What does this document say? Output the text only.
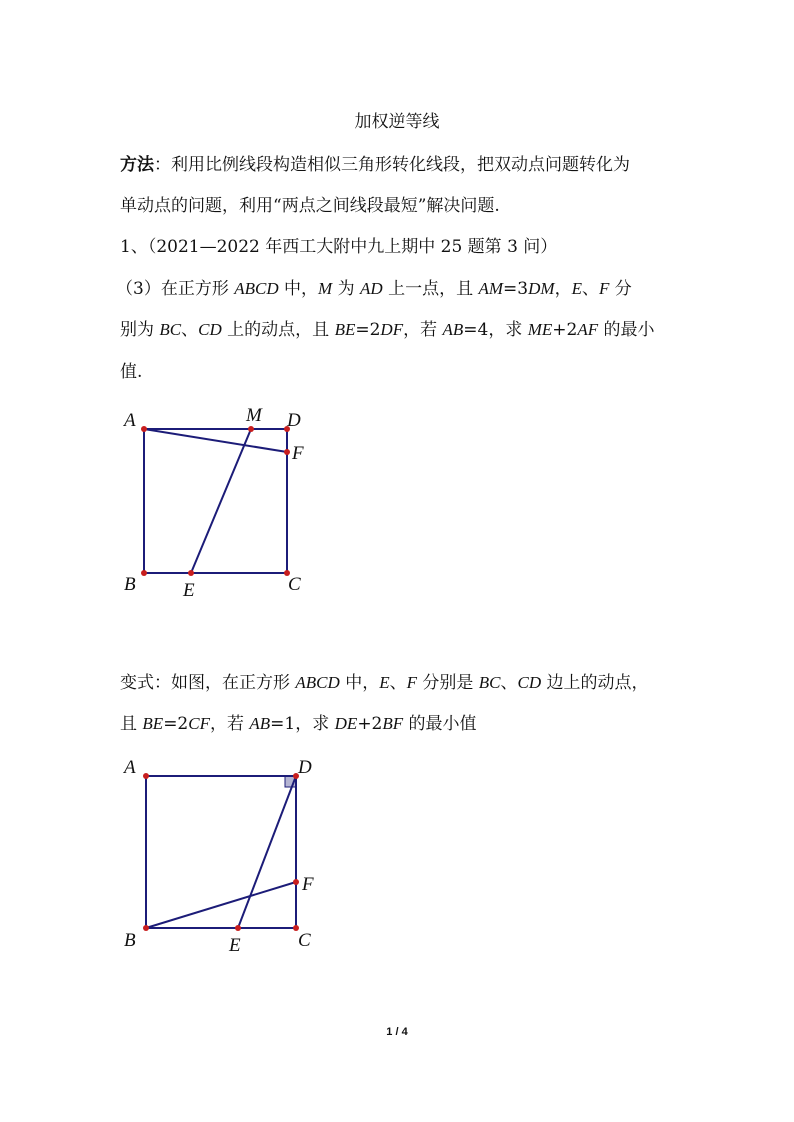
加权逆等线
方法：利用比例线段构造相似三角形转化线段，把双动点问题转化为
单动点的问题，利用“两点之间线段最短”解决问题.
1、（2021—2022 年西工大附中九上期中 25 题第 3 问）
（3）在正方形 ABCD 中，M 为 AD 上一点，且 AM=3DM，E、F 分
别为 BC、CD 上的动点，且 BE=2DF，若 AB=4，求 ME+2AF 的最小
值.
A	M D
F
B E	C
变式：如图，在正方形 ABCD 中，E、F 分别是 BC、CD 边上的动点，
且 BE=2CF，若 AB=1，求 DE+2BF 的最小值
A	D
F
B	E	C
1 / 4
